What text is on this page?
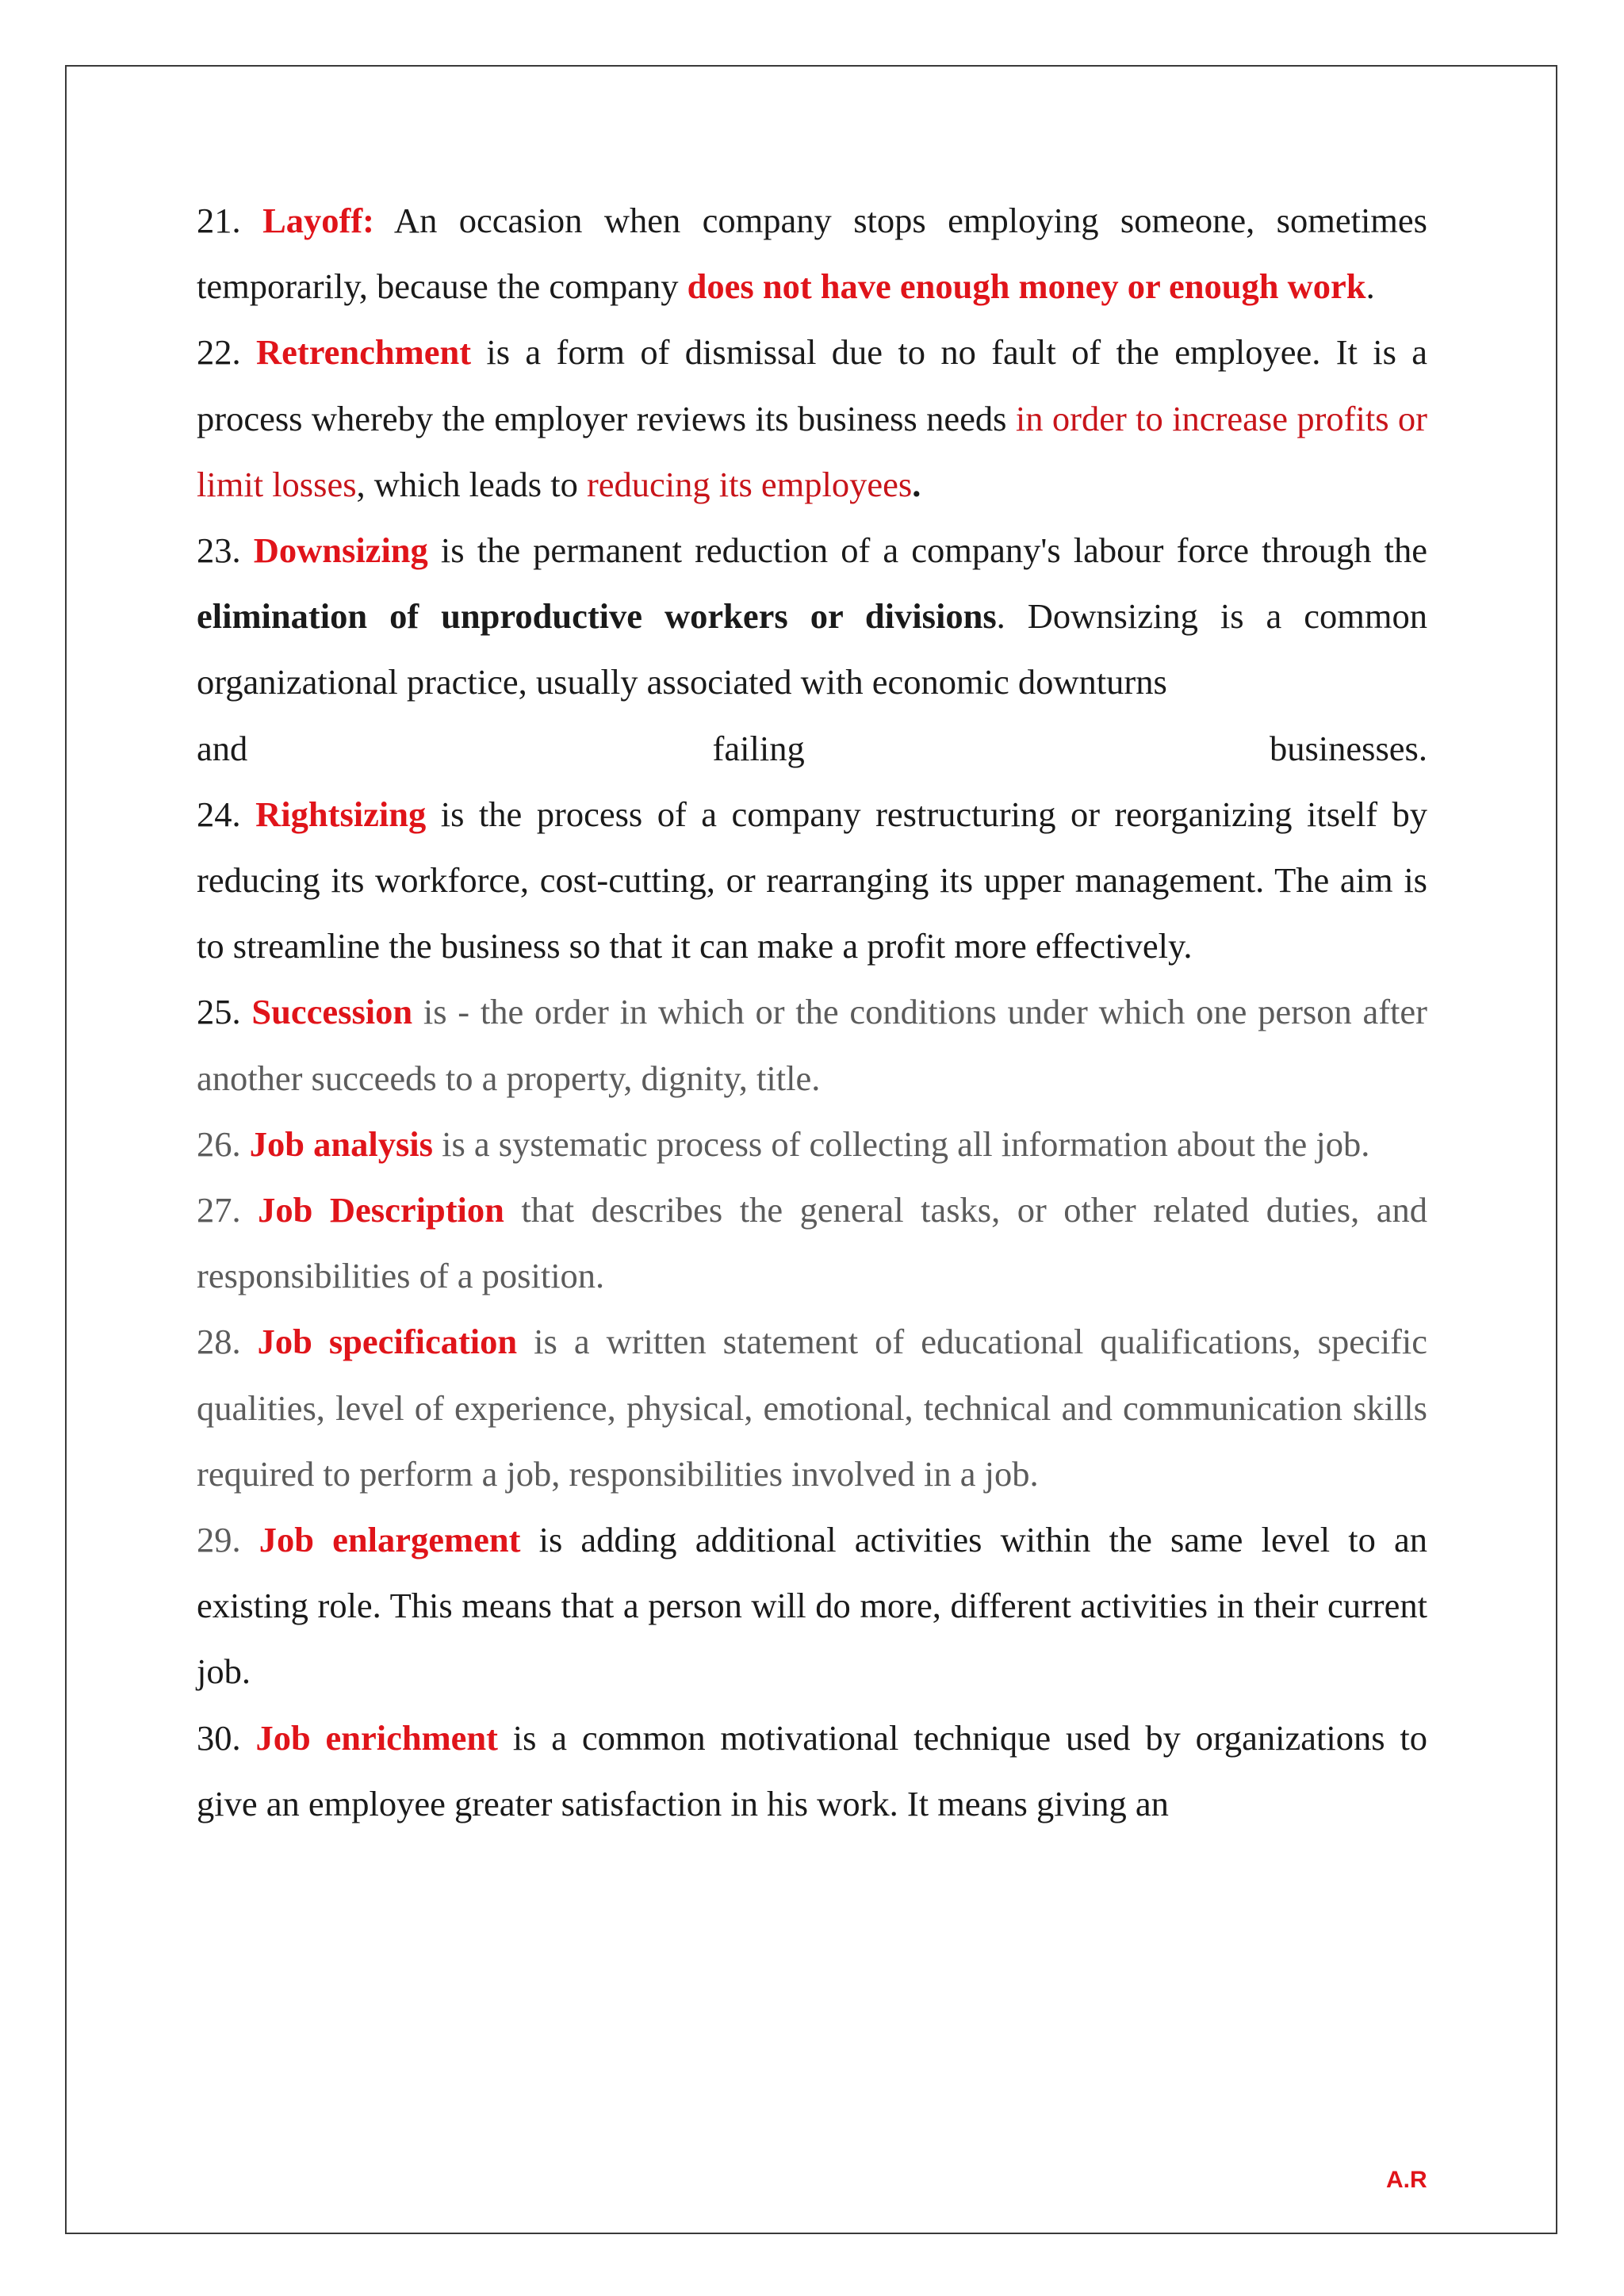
21. Layoff: An occasion when company stops employing someone, sometimes temporarily, because the company does not have enough money or enough work.

22. Retrenchment is a form of dismissal due to no fault of the employee. It is a process whereby the employer reviews its business needs in order to increase profits or limit losses, which leads to reducing its employees.

23. Downsizing is the permanent reduction of a company's labour force through the elimination of unproductive workers or divisions. Downsizing is a common organizational practice, usually associated with economic downturns

and	failing	businesses.

24. Rightsizing is the process of a company restructuring or reorganizing itself by reducing its workforce, cost-cutting, or rearranging its upper management. The aim is to streamline the business so that it can make a profit more effectively.

25. Succession is - the order in which or the conditions under which one person after another succeeds to a property, dignity, title.

26. Job analysis is a systematic process of collecting all information about the job.

27. Job Description that describes the general tasks, or other related duties, and responsibilities of a position.

28. Job specification is a written statement of educational qualifications, specific qualities, level of experience, physical, emotional, technical and communication skills required to perform a job, responsibilities involved in a job.

29. Job enlargement is adding additional activities within the same level to an existing role. This means that a person will do more, different activities in their current job.

30. Job enrichment is a common motivational technique used by organizations to give an employee greater satisfaction in his work. It means giving an

A.R
